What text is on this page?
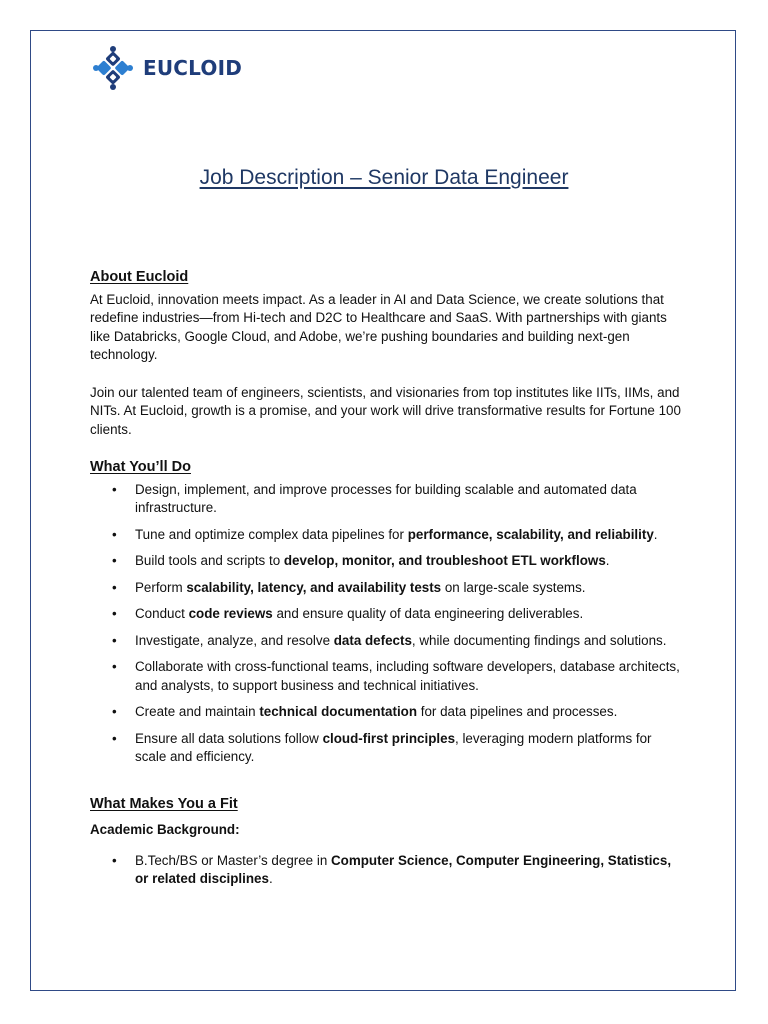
EUCLOID
Job Description – Senior Data Engineer
About Eucloid

At Eucloid, innovation meets impact. As a leader in AI and Data Science, we create solutions that redefine industries—from Hi-tech and D2C to Healthcare and SaaS. With partnerships with giants like Databricks, Google Cloud, and Adobe, we’re pushing boundaries and building next-gen technology.

Join our talented team of engineers, scientists, and visionaries from top institutes like IITs, IIMs, and NITs. At Eucloid, growth is a promise, and your work will drive transformative results for Fortune 100 clients.

What You’ll Do
• Design, implement, and improve processes for building scalable and automated data infrastructure.
• Tune and optimize complex data pipelines for performance, scalability, and reliability.
• Build tools and scripts to develop, monitor, and troubleshoot ETL workflows.
• Perform scalability, latency, and availability tests on large-scale systems.
• Conduct code reviews and ensure quality of data engineering deliverables.
• Investigate, analyze, and resolve data defects, while documenting findings and solutions.
• Collaborate with cross-functional teams, including software developers, database architects, and analysts, to support business and technical initiatives.
• Create and maintain technical documentation for data pipelines and processes.
• Ensure all data solutions follow cloud-first principles, leveraging modern platforms for scale and efficiency.
What Makes You a Fit
Academic Background:
• B.Tech/BS or Master’s degree in Computer Science, Computer Engineering, Statistics, or related disciplines.
